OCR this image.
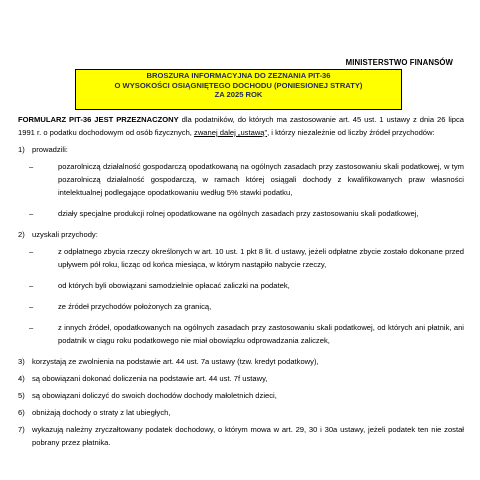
MINISTERSTWO FINANSÓW
BROSZURA INFORMACYJNA DO ZEZNANIA PIT-36
O WYSOKOŚCI OSIĄGNIĘTEGO DOCHODU (PONIESIONEJ STRATY)
ZA 2025 ROK

FORMULARZ PIT-36 JEST PRZEZNACZONY dla podatników, do których ma zastosowanie art. 45 ust. 1 ustawy z dnia 26 lipca 1991 r. o podatku dochodowym od osób fizycznych, zwanej dalej „ustawą”, i którzy niezależnie od liczby źródeł przychodów:

1) prowadzili:
–	pozarolniczą działalność gospodarczą opodatkowaną na ogólnych zasadach przy zastosowaniu skali podatkowej, w tym pozarolniczą działalność gospodarczą, w ramach której osiągali dochody z kwalifikowanych praw własności intelektualnej podlegające opodatkowaniu według 5% stawki podatku,
–	działy specjalne produkcji rolnej opodatkowane na ogólnych zasadach przy zastosowaniu skali podatkowej,
2) uzyskali przychody:
–	z odpłatnego zbycia rzeczy określonych w art. 10 ust. 1 pkt 8 lit. d ustawy, jeżeli odpłatne zbycie zostało dokonane przed upływem pół roku, licząc od końca miesiąca, w którym nastąpiło nabycie rzeczy,
–	od których byli obowiązani samodzielnie opłacać zaliczki na podatek,
–	ze źródeł przychodów położonych za granicą,
–	z innych źródeł, opodatkowanych na ogólnych zasadach przy zastosowaniu skali podatkowej, od których ani płatnik, ani podatnik w ciągu roku podatkowego nie miał obowiązku odprowadzania zaliczek,
3) korzystają ze zwolnienia na podstawie art. 44 ust. 7a ustawy (tzw. kredyt podatkowy),
4) są obowiązani dokonać doliczenia na podstawie art. 44 ust. 7f ustawy,
5) są obowiązani doliczyć do swoich dochodów dochody małoletnich dzieci,
6) obniżają dochody o straty z lat ubiegłych,
7) wykazują należny zryczałtowany podatek dochodowy, o którym mowa w art. 29, 30 i 30a ustawy, jeżeli podatek ten nie został pobrany przez płatnika.
